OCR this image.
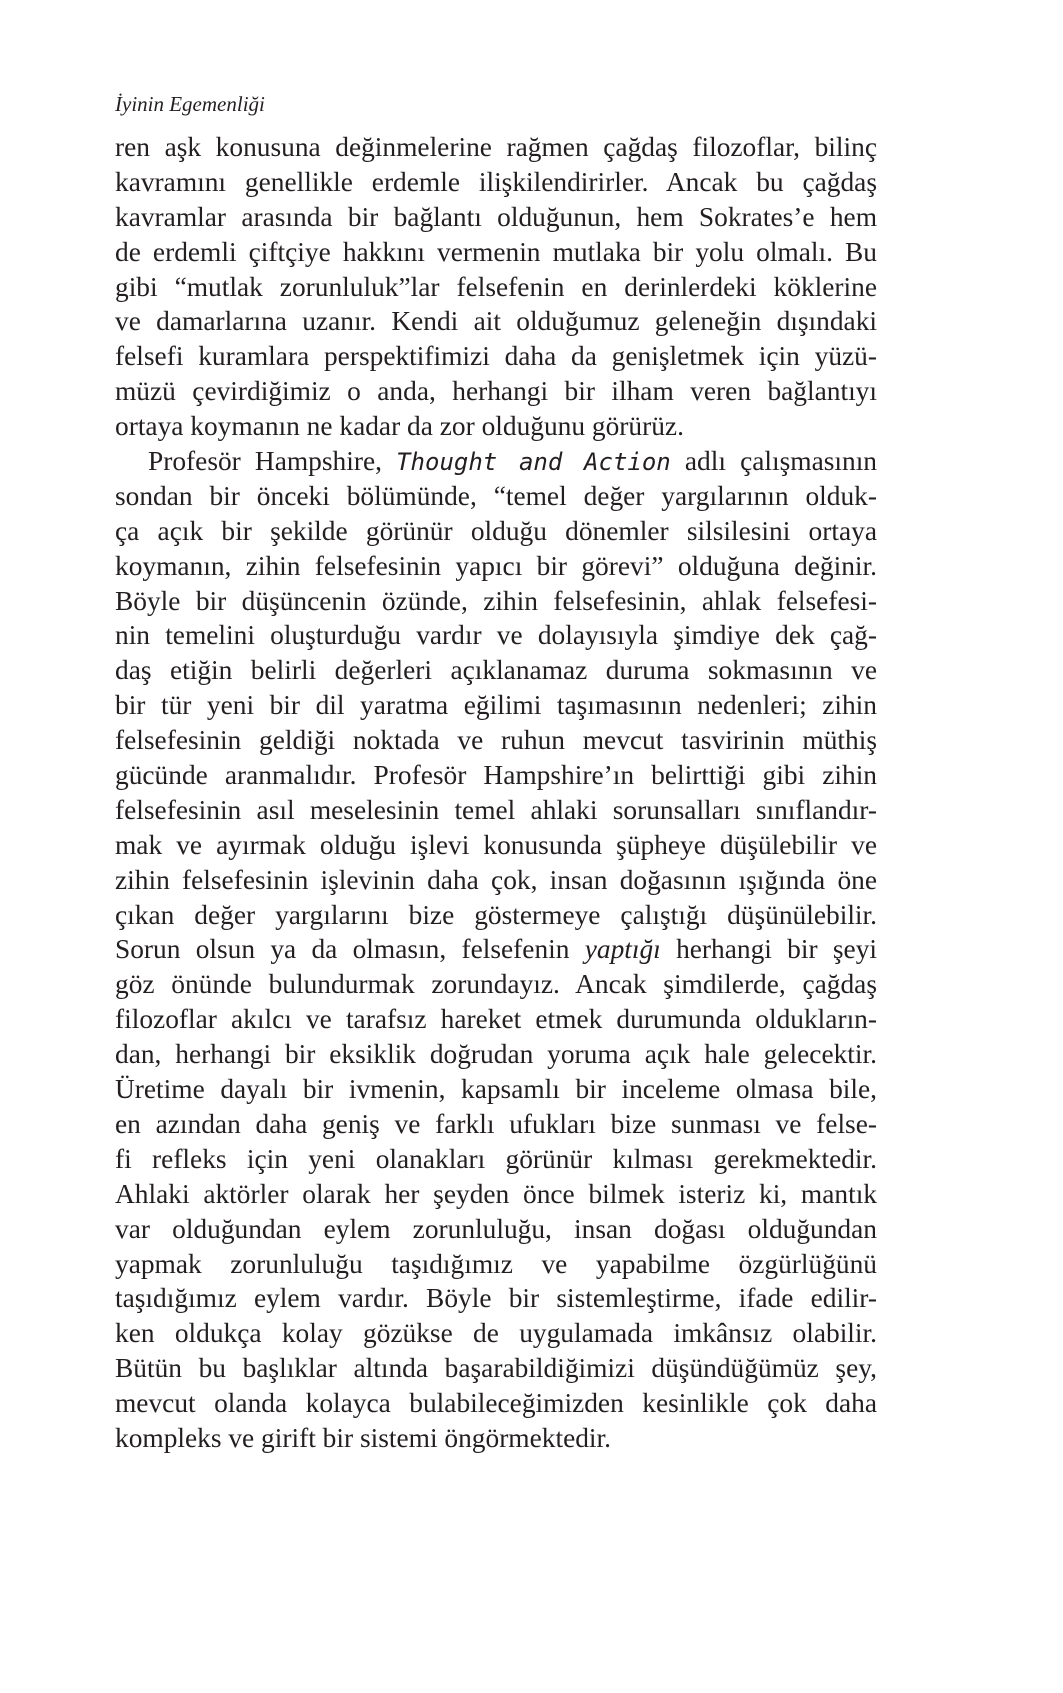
İyinin Egemenliği
ren aşk konusuna değinmelerine rağmen çağdaş filozoflar, bilinç
kavramını genellikle erdemle ilişkilendirirler. Ancak bu çağdaş
kavramlar arasında bir bağlantı olduğunun, hem Sokrates’e hem
de erdemli çiftçiye hakkını vermenin mutlaka bir yolu olmalı. Bu
gibi “mutlak zorunluluk”lar felsefenin en derinlerdeki köklerine
ve damarlarına uzanır. Kendi ait olduğumuz geleneğin dışındaki
felsefi kuramlara perspektifimizi daha da genişletmek için yüzü-
müzü çevirdiğimiz o anda, herhangi bir ilham veren bağlantıyı
ortaya koymanın ne kadar da zor olduğunu görürüz.
Profesör Hampshire, Thought and Action adlı çalışmasının
sondan bir önceki bölümünde, “temel değer yargılarının olduk-
ça açık bir şekilde görünür olduğu dönemler silsilesini ortaya
koymanın, zihin felsefesinin yapıcı bir görevi” olduğuna değinir.
Böyle bir düşüncenin özünde, zihin felsefesinin, ahlak felsefesi-
nin temelini oluşturduğu vardır ve dolayısıyla şimdiye dek çağ-
daş etiğin belirli değerleri açıklanamaz duruma sokmasının ve
bir tür yeni bir dil yaratma eğilimi taşımasının nedenleri; zihin
felsefesinin geldiği noktada ve ruhun mevcut tasvirinin müthiş
gücünde aranmalıdır. Profesör Hampshire’ın belirttiği gibi zihin
felsefesinin asıl meselesinin temel ahlaki sorunsalları sınıflandır-
mak ve ayırmak olduğu işlevi konusunda şüpheye düşülebilir ve
zihin felsefesinin işlevinin daha çok, insan doğasının ışığında öne
çıkan değer yargılarını bize göstermeye çalıştığı düşünülebilir.
Sorun olsun ya da olmasın, felsefenin yaptığı herhangi bir şeyi
göz önünde bulundurmak zorundayız. Ancak şimdilerde, çağdaş
filozoflar akılcı ve tarafsız hareket etmek durumunda oldukların-
dan, herhangi bir eksiklik doğrudan yoruma açık hale gelecektir.
Üretime dayalı bir ivmenin, kapsamlı bir inceleme olmasa bile,
en azından daha geniş ve farklı ufukları bize sunması ve felse-
fi refleks için yeni olanakları görünür kılması gerekmektedir.
Ahlaki aktörler olarak her şeyden önce bilmek isteriz ki, mantık
var olduğundan eylem zorunluluğu, insan doğası olduğundan
yapmak zorunluluğu taşıdığımız ve yapabilme özgürlüğünü
taşıdığımız eylem vardır. Böyle bir sistemleştirme, ifade edilir-
ken oldukça kolay gözükse de uygulamada imkânsız olabilir.
Bütün bu başlıklar altında başarabildiğimizi düşündüğümüz şey,
mevcut olanda kolayca bulabileceğimizden kesinlikle çok daha
kompleks ve girift bir sistemi öngörmektedir.
